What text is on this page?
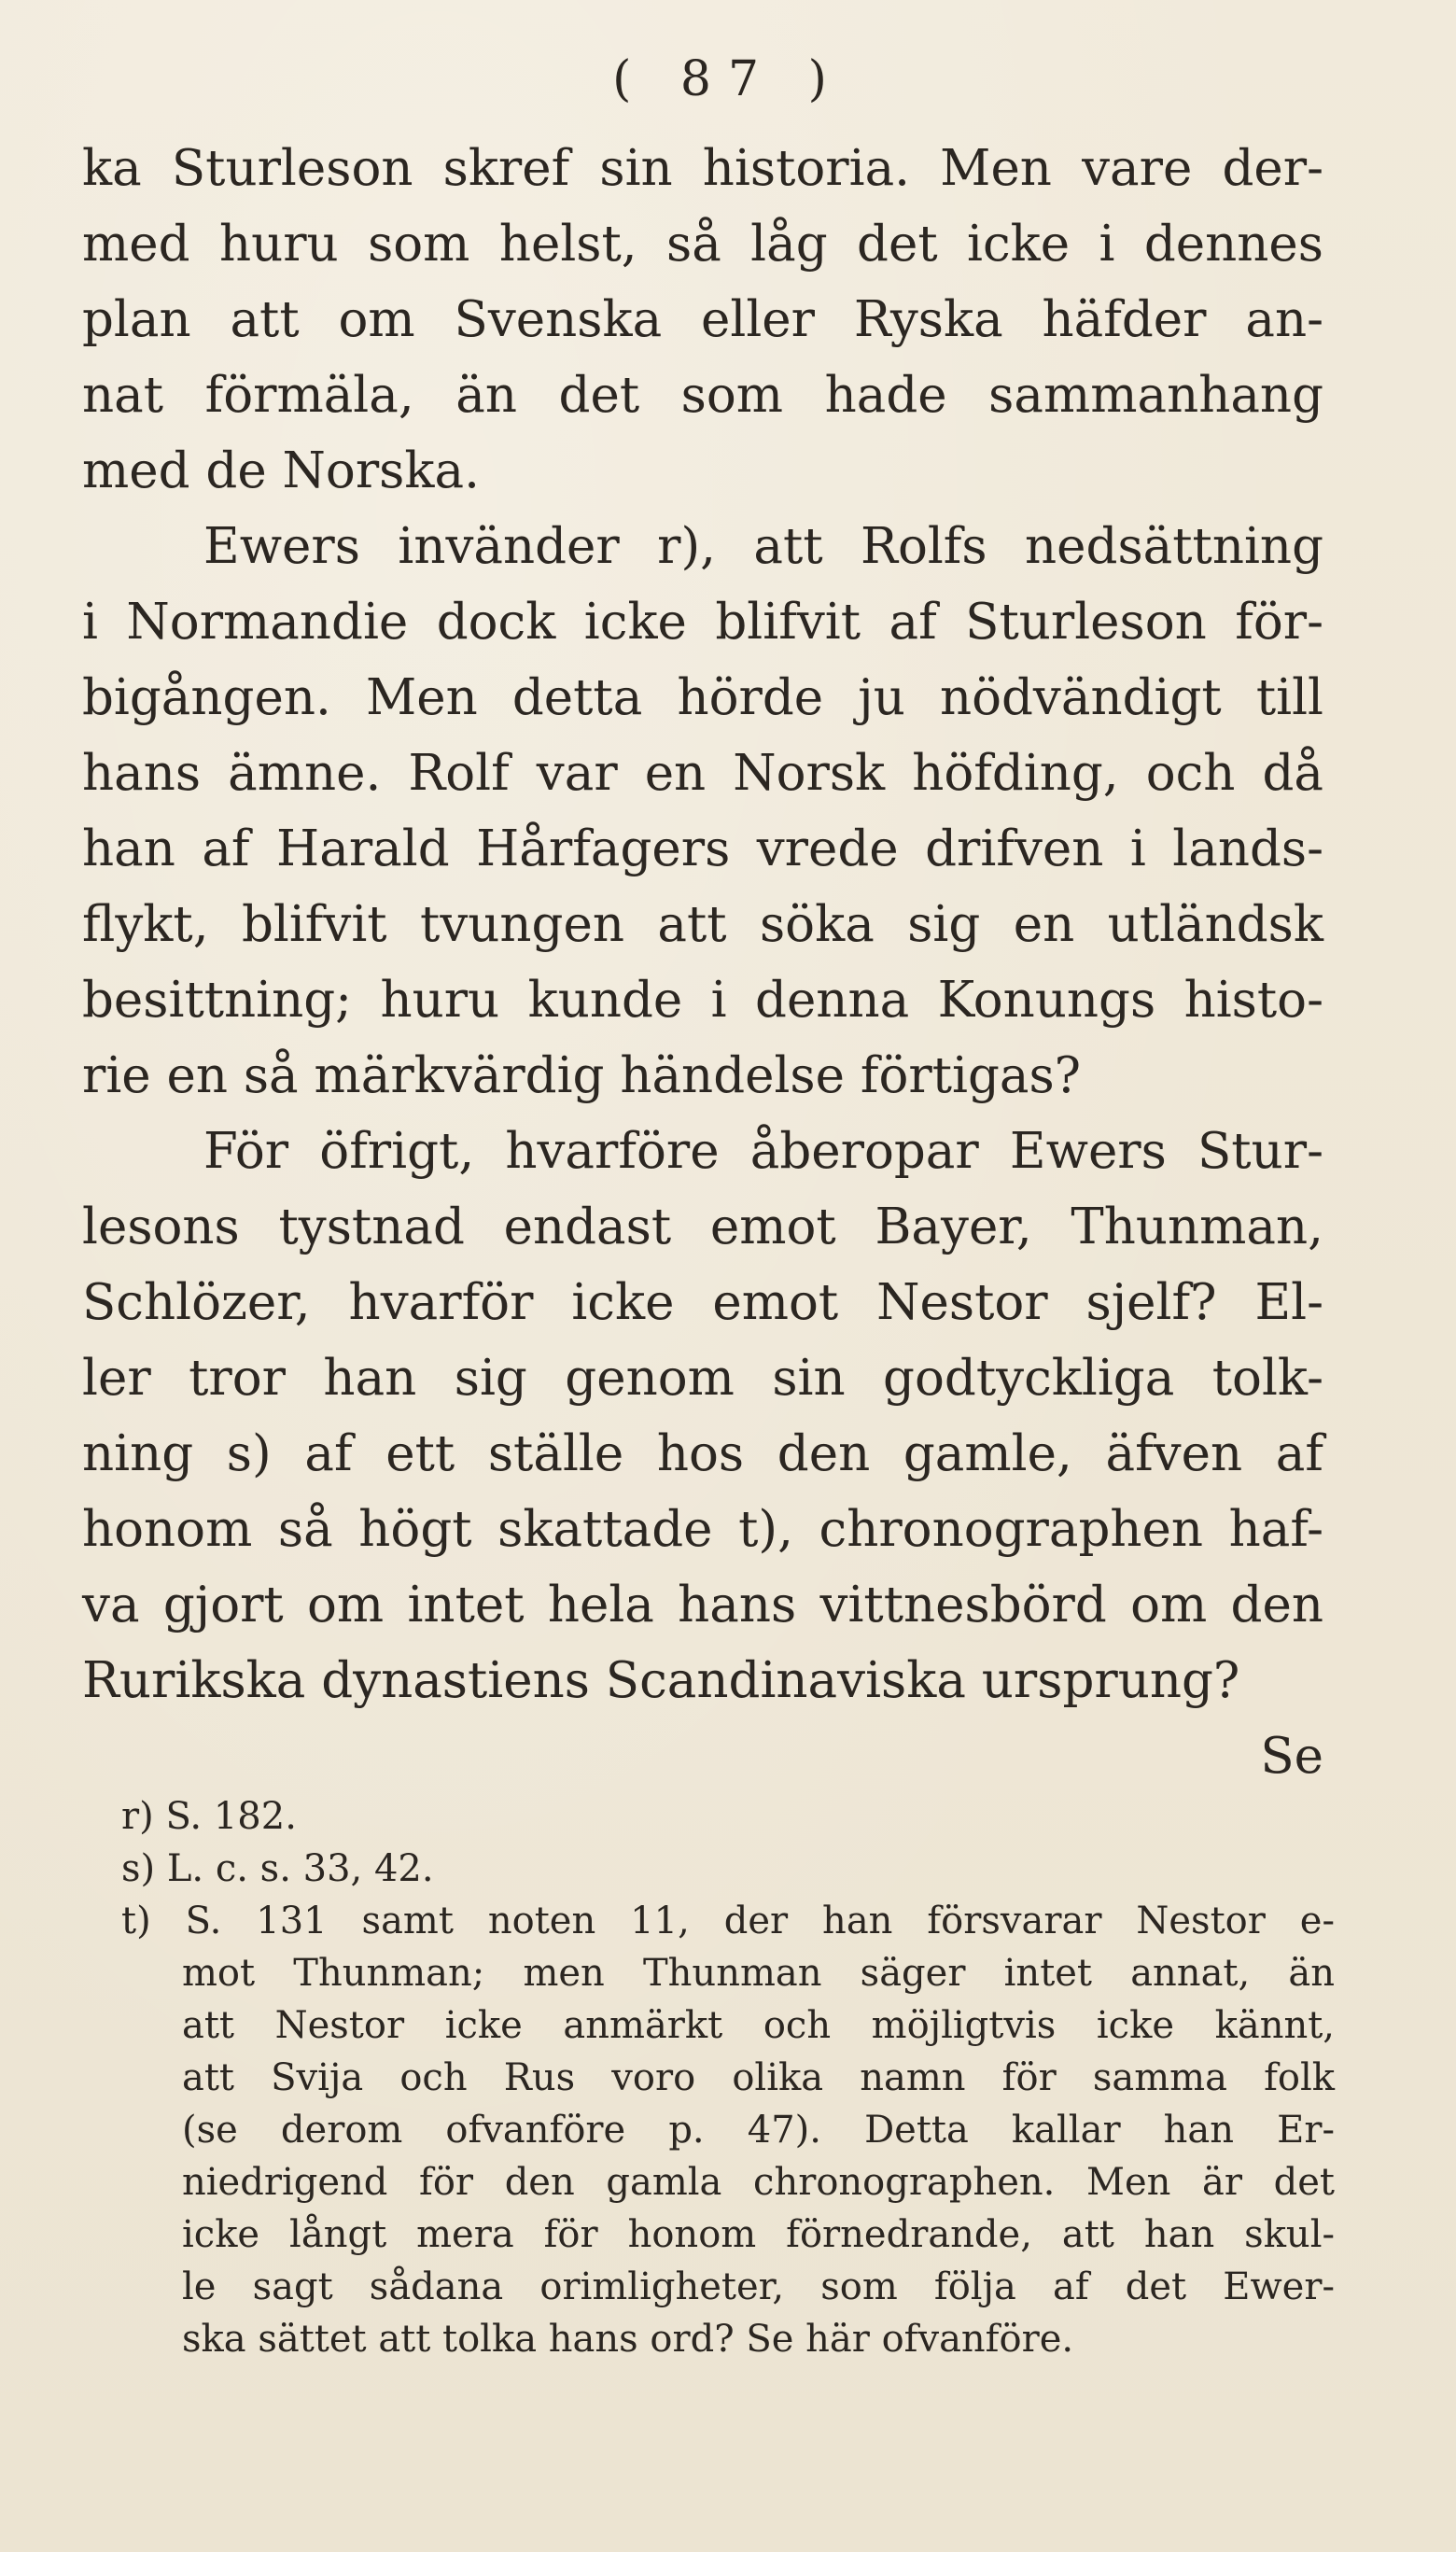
( 87 )
ka Sturleson skref sin historia. Men vare der-
med huru som helst, så låg det icke i dennes
plan att om Svenska eller Ryska häfder an-
nat förmäla, än det som hade sammanhang
med de Norska.
Ewers invänder r), att Rolfs nedsättning
i Normandie dock icke blifvit af Sturleson för-
bigången. Men detta hörde ju nödvändigt till
hans ämne. Rolf var en Norsk höfding, och då
han af Harald Hårfagers vrede drifven i lands-
flykt, blifvit tvungen att söka sig en utländsk
besittning; huru kunde i denna Konungs histo-
rie en så märkvärdig händelse förtigas?
För öfrigt, hvarföre åberopar Ewers Stur-
lesons tystnad endast emot Bayer, Thunman,
Schlözer, hvarför icke emot Nestor sjelf? El-
ler tror han sig genom sin godtyckliga tolk-
ning s) af ett ställe hos den gamle, äfven af
honom så högt skattade t), chronographen haf-
va gjort om intet hela hans vittnesbörd om den
Rurikska dynastiens Scandinaviska ursprung?
Se
r) S. 182.
s) L. c. s. 33, 42.
t) S. 131 samt noten 11, der han försvarar Nestor e-
mot Thunman; men Thunman säger intet annat, än
att Nestor icke anmärkt och möjligtvis icke kännt,
att Svija och Rus voro olika namn för samma folk
(se derom ofvanföre p. 47). Detta kallar han Er-
niedrigend för den gamla chronographen. Men är det
icke långt mera för honom förnedrande, att han skul-
le sagt sådana orimligheter, som följa af det Ewer-
ska sättet att tolka hans ord? Se här ofvanföre.
